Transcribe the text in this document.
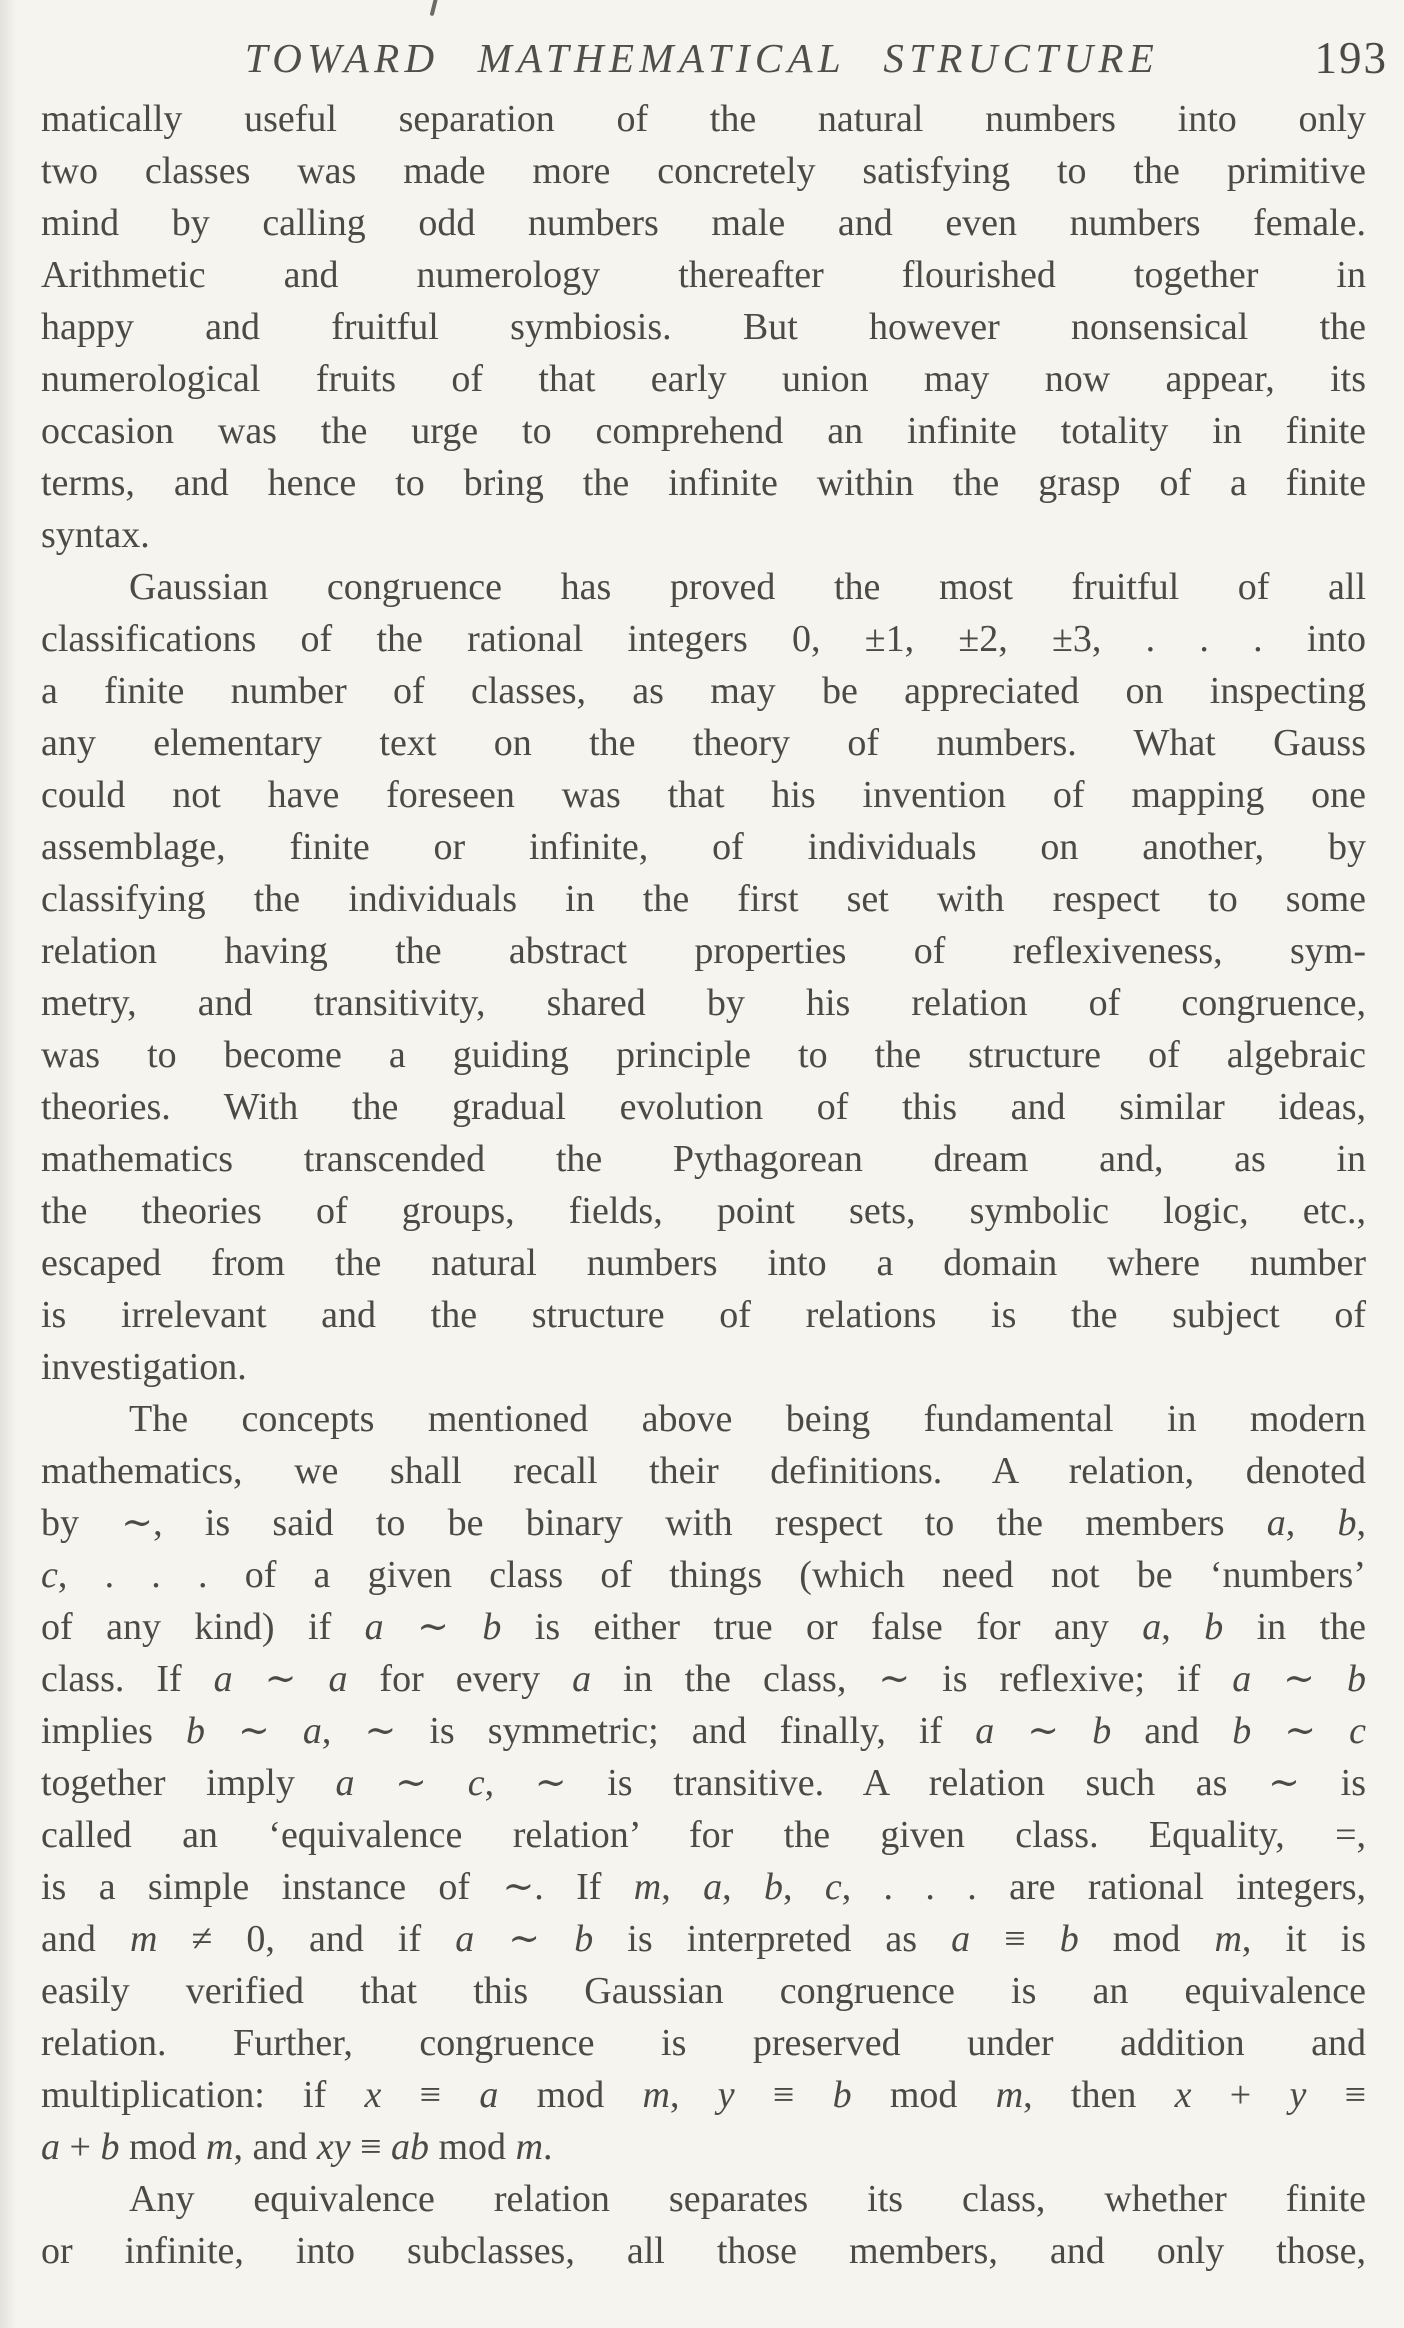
TOWARD MATHEMATICAL STRUCTURE	193
matically useful separation of the natural numbers into only
two classes was made more concretely satisfying to the primitive
mind by calling odd numbers male and even numbers female.
Arithmetic and numerology thereafter flourished together in
happy and fruitful symbiosis. But however nonsensical the
numerological fruits of that early union may now appear, its
occasion was the urge to comprehend an infinite totality in finite
terms, and hence to bring the infinite within the grasp of a finite
syntax.
Gaussian congruence has proved the most fruitful of all
classifications of the rational integers 0, ±1, ±2, ±3, . . . into
a finite number of classes, as may be appreciated on inspecting
any elementary text on the theory of numbers. What Gauss
could not have foreseen was that his invention of mapping one
assemblage, finite or infinite, of individuals on another, by
classifying the individuals in the first set with respect to some
relation having the abstract properties of reflexiveness, sym-
metry, and transitivity, shared by his relation of congruence,
was to become a guiding principle to the structure of algebraic
theories. With the gradual evolution of this and similar ideas,
mathematics transcended the Pythagorean dream and, as in
the theories of groups, fields, point sets, symbolic logic, etc.,
escaped from the natural numbers into a domain where number
is irrelevant and the structure of relations is the subject of
investigation.
The concepts mentioned above being fundamental in modern
mathematics, we shall recall their definitions. A relation, denoted
by ∼, is said to be binary with respect to the members a, b,
c, . . . of a given class of things (which need not be ‘numbers’
of any kind) if a ∼ b is either true or false for any a, b in the
class. If a ∼ a for every a in the class, ∼ is reflexive; if a ∼ b
implies b ∼ a, ∼ is symmetric; and finally, if a ∼ b and b ∼ c
together imply a ∼ c, ∼ is transitive. A relation such as ∼ is
called an ‘equivalence relation’ for the given class. Equality, =,
is a simple instance of ∼. If m, a, b, c, . . . are rational integers,
and m ≠ 0, and if a ∼ b is interpreted as a ≡ b mod m, it is
easily verified that this Gaussian congruence is an equivalence
relation. Further, congruence is preserved under addition and
multiplication: if x ≡ a mod m, y ≡ b mod m, then x + y ≡
a + b mod m, and xy ≡ ab mod m.
Any equivalence relation separates its class, whether finite
or infinite, into subclasses, all those members, and only those,
